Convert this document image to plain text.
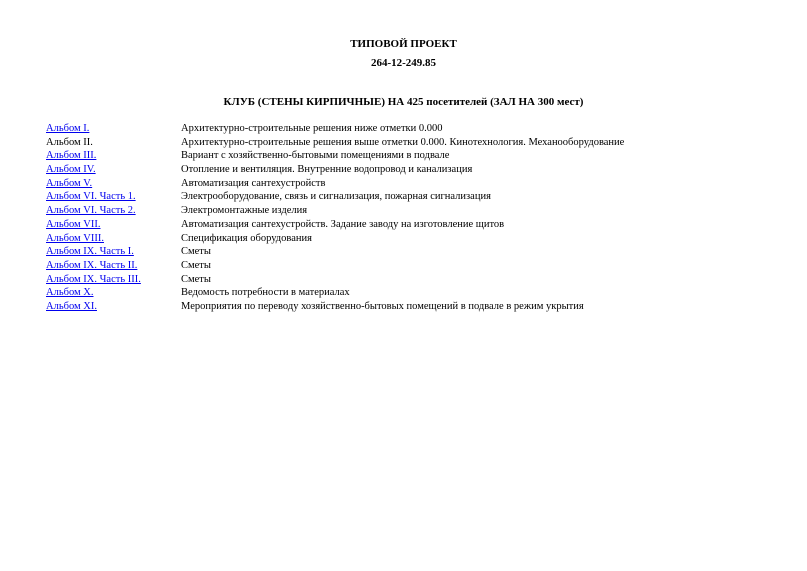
ТИПОВОЙ ПРОЕКТ
264-12-249.85
КЛУБ (СТЕНЫ КИРПИЧНЫЕ) НА 425 посетителей (ЗАЛ НА 300 мест)
Альбом I.	Архитектурно-строительные решения ниже отметки 0.000
Альбом II.	Архитектурно-строительные решения выше отметки 0.000. Кинотехнология. Механооборудование
Альбом III.	Вариант с хозяйственно-бытовыми помещениями в подвале
Альбом IV.	Отопление и вентиляция. Внутренние водопровод и канализация
Альбом V.	Автоматизация сантехустройств
Альбом VI. Часть 1.	Электрооборудование, связь и сигнализация, пожарная сигнализация
Альбом VI. Часть 2.	Электромонтажные изделия
Альбом VII.	Автоматизация сантехустройств. Задание заводу на изготовление щитов
Альбом VIII.	Спецификация оборудования
Альбом IX. Часть I.	Сметы
Альбом IX. Часть II.	Сметы
Альбом IX. Часть III.	Сметы
Альбом X.	Ведомость потребности в материалах
Альбом XI.	Мероприятия по переводу хозяйственно-бытовых помещений в подвале в режим укрытия
